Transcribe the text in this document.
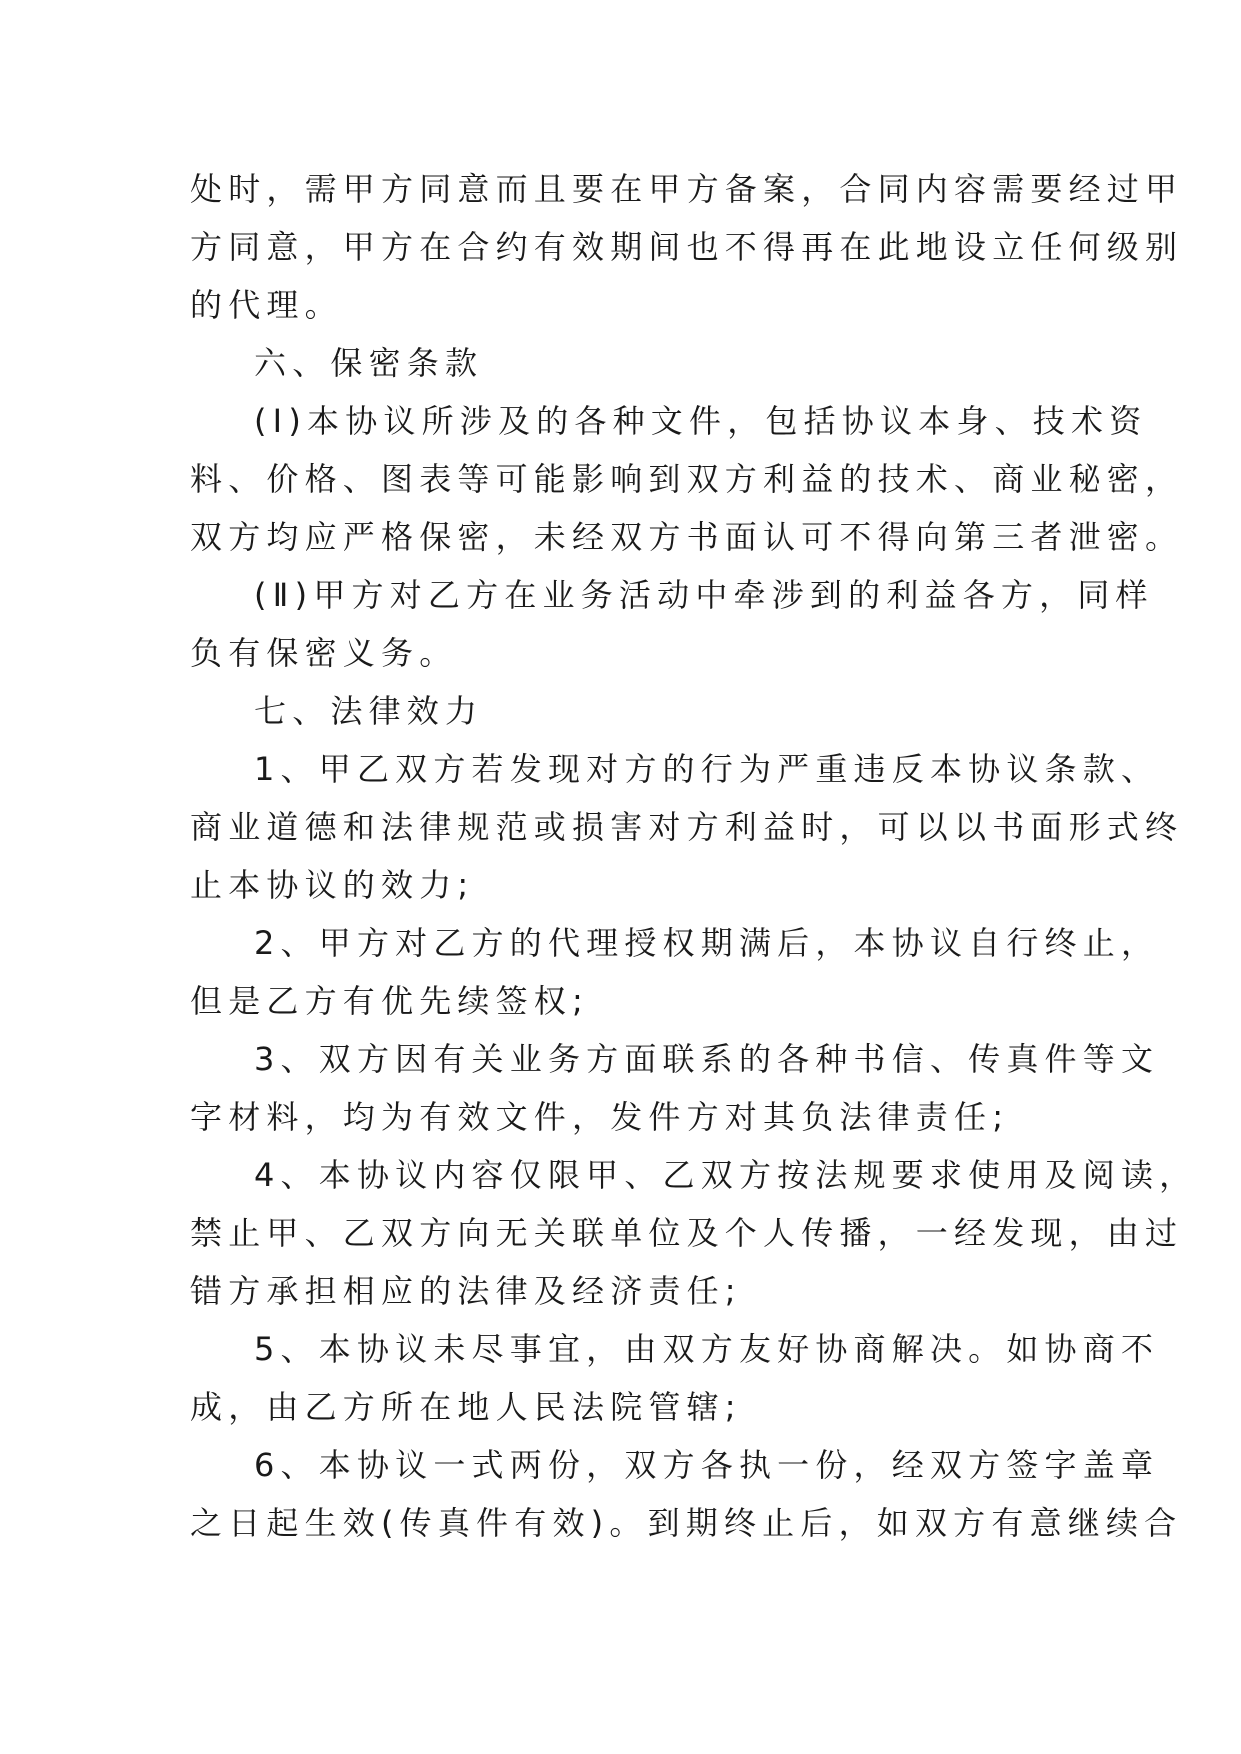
处时，需甲方同意而且要在甲方备案，合同内容需要经过甲
方同意，甲方在合约有效期间也不得再在此地设立任何级别
的代理。
六、保密条款
(Ⅰ)本协议所涉及的各种文件，包括协议本身、技术资
料、价格、图表等可能影响到双方利益的技术、商业秘密，
双方均应严格保密，未经双方书面认可不得向第三者泄密。
(Ⅱ)甲方对乙方在业务活动中牵涉到的利益各方，同样
负有保密义务。
七、法律效力
1、甲乙双方若发现对方的行为严重违反本协议条款、
商业道德和法律规范或损害对方利益时，可以以书面形式终
止本协议的效力;
2、甲方对乙方的代理授权期满后，本协议自行终止，
但是乙方有优先续签权;
3、双方因有关业务方面联系的各种书信、传真件等文
字材料，均为有效文件，发件方对其负法律责任;
4、本协议内容仅限甲、乙双方按法规要求使用及阅读，
禁止甲、乙双方向无关联单位及个人传播，一经发现，由过
错方承担相应的法律及经济责任;
5、本协议未尽事宜，由双方友好协商解决。如协商不
成，由乙方所在地人民法院管辖;
6、本协议一式两份，双方各执一份，经双方签字盖章
之日起生效(传真件有效)。到期终止后，如双方有意继续合
